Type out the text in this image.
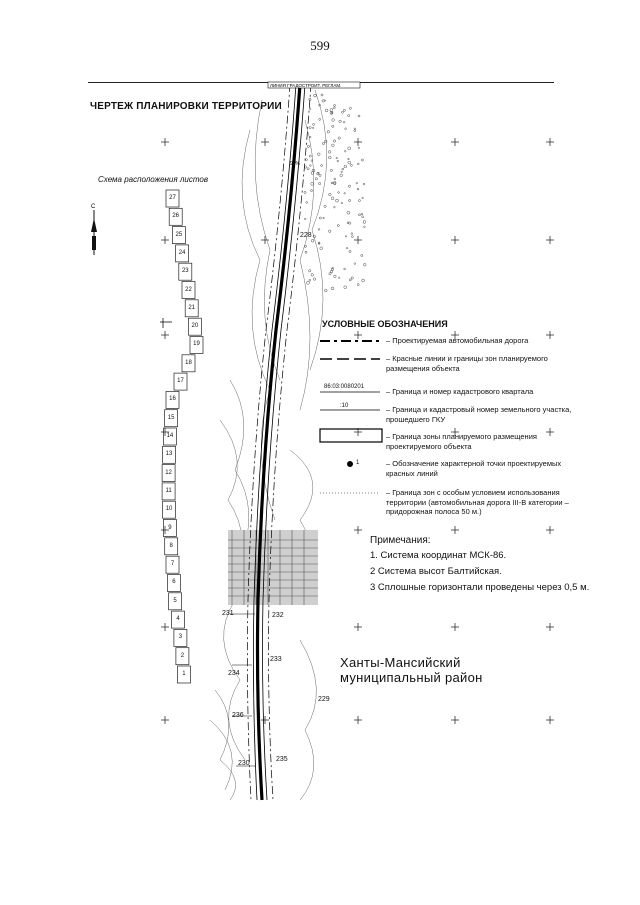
599
ЧЕРТЕЖ ПЛАНИРОВКИ ТЕРРИТОРИИ
Схема расположения листов
С
ЛИНИЯ ГРАДОСТРОИТ. РЕГЛАМ.
90%
27
26
25
24
23
22
21
20
19
18
17
16
15
14
13
12
11
10
9
8
7
6
5
4
3
2
1
231	232
233
234
235
236
230
229
228
УСЛОВНЫЕ ОБОЗНАЧЕНИЯ
– Проектируемая автомобильная дорога
– Красные линии и границы зон планируемого размещения объекта
86:03:0080201	– Граница и номер кадастрового квартала
:10	– Граница и кадастровый номер земельного участка, прошедшего ГКУ
– Граница зоны планируемого размещения проектируемого объекта
1	– Обозначение характерной точки проектируемых красных линий
– Граница зон с особым условием использования территории (автомобильная дорога III-В категории – придорожная полоса 50 м.)
Примечания:
1. Система координат МСК-86.
2 Система высот Балтийская.
3 Сплошные горизонтали проведены через 0,5 м.
Ханты-Мансийский
муниципальный район
